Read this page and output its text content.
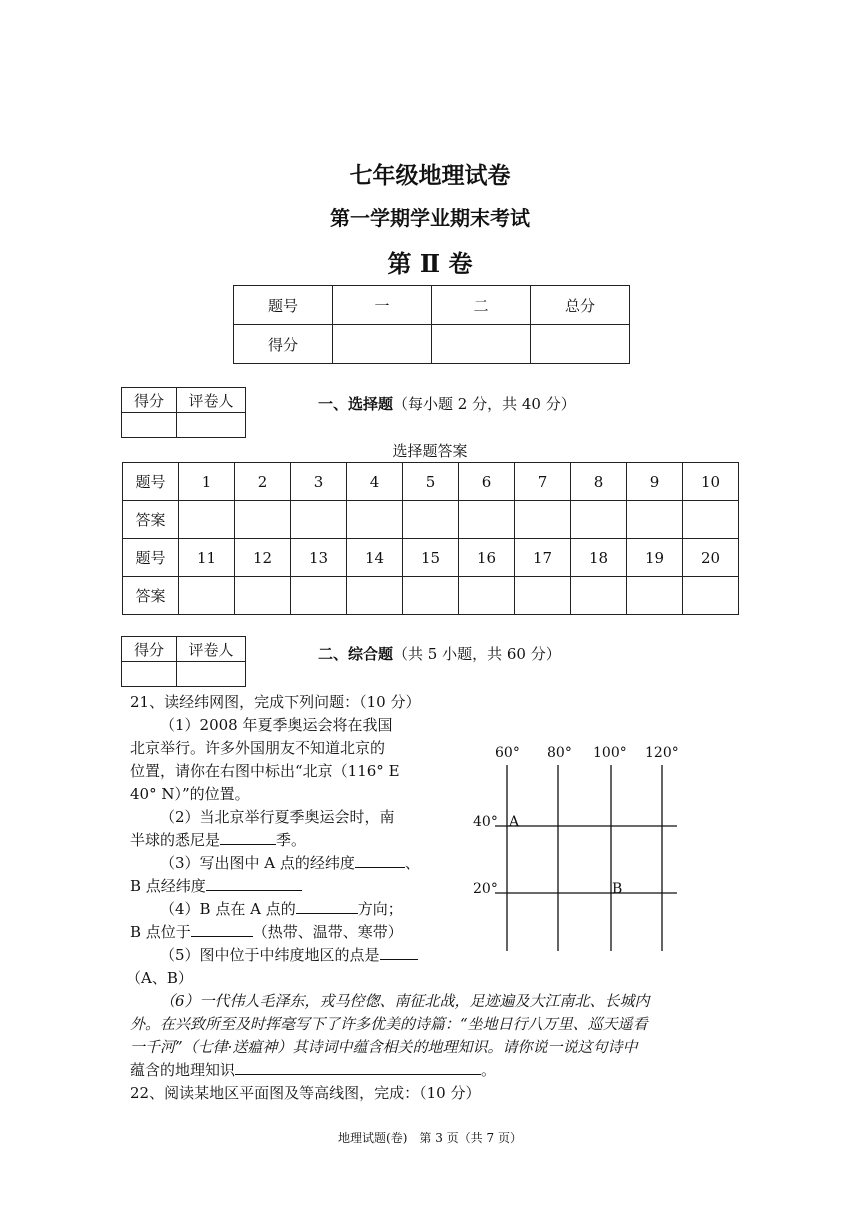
七年级地理试卷
第一学期学业期末考试
第 Ⅱ 卷
题号	一	二	总分
得分			
得分	评卷人
		一、选择题（每小题 2 分，共 40 分）
选择题答案
题号	1	2	3	4	5	6	7	8	9	10
答案										
题号	11	12	13	14	15	16	17	18	19	20
答案										
得分	评卷人
		二、综合题（共 5 小题，共 60 分）
21、读经纬网图，完成下列问题：（10 分）
（1）2008 年夏季奥运会将在我国
北京举行。许多外国朋友不知道北京的
位置，请你在右图中标出“北京（116° E
40° N）”的位置。
（2）当北京举行夏季奥运会时，南
半球的悉尼是	季。
（3）写出图中 A 点的经纬度	、
B 点经纬度
（4）B 点在 A 点的	方向；
B 点位于	（热带、温带、寒带）
（5）图中位于中纬度地区的点是
（A、B）
（6）一代伟人毛泽东，戎马倥偬、南征北战，足迹遍及大江南北、长城内
外。在兴致所至及时挥毫写下了许多优美的诗篇：“坐地日行八万里、巡天遥看
一千河”（七律·送瘟神）其诗词中蕴含相关的地理知识。请你说一说这句诗中
蕴含的地理知识	。
22、阅读某地区平面图及等高线图，完成：（10 分）
60° 80° 100° 120°
40°
20°
A
B
地理试题(卷)　第 3 页（共 7 页）
